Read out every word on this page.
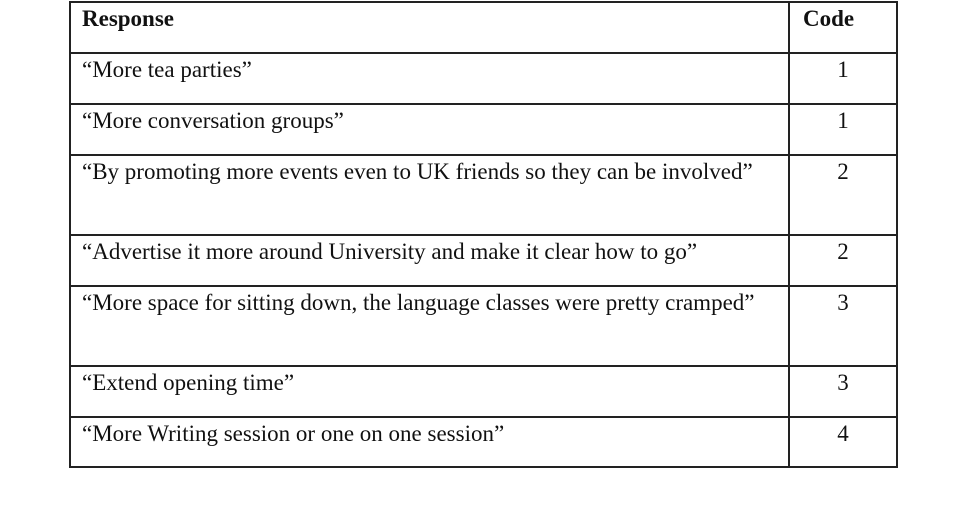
Response	Code
“More tea parties”	1
“More conversation groups”	1
“By promoting more events even to UK friends so they can be involved”	2
“Advertise it more around University and make it clear how to go”	2
“More space for sitting down, the language classes were pretty cramped”	3
“Extend opening time”	3
“More Writing session or one on one session”	4
